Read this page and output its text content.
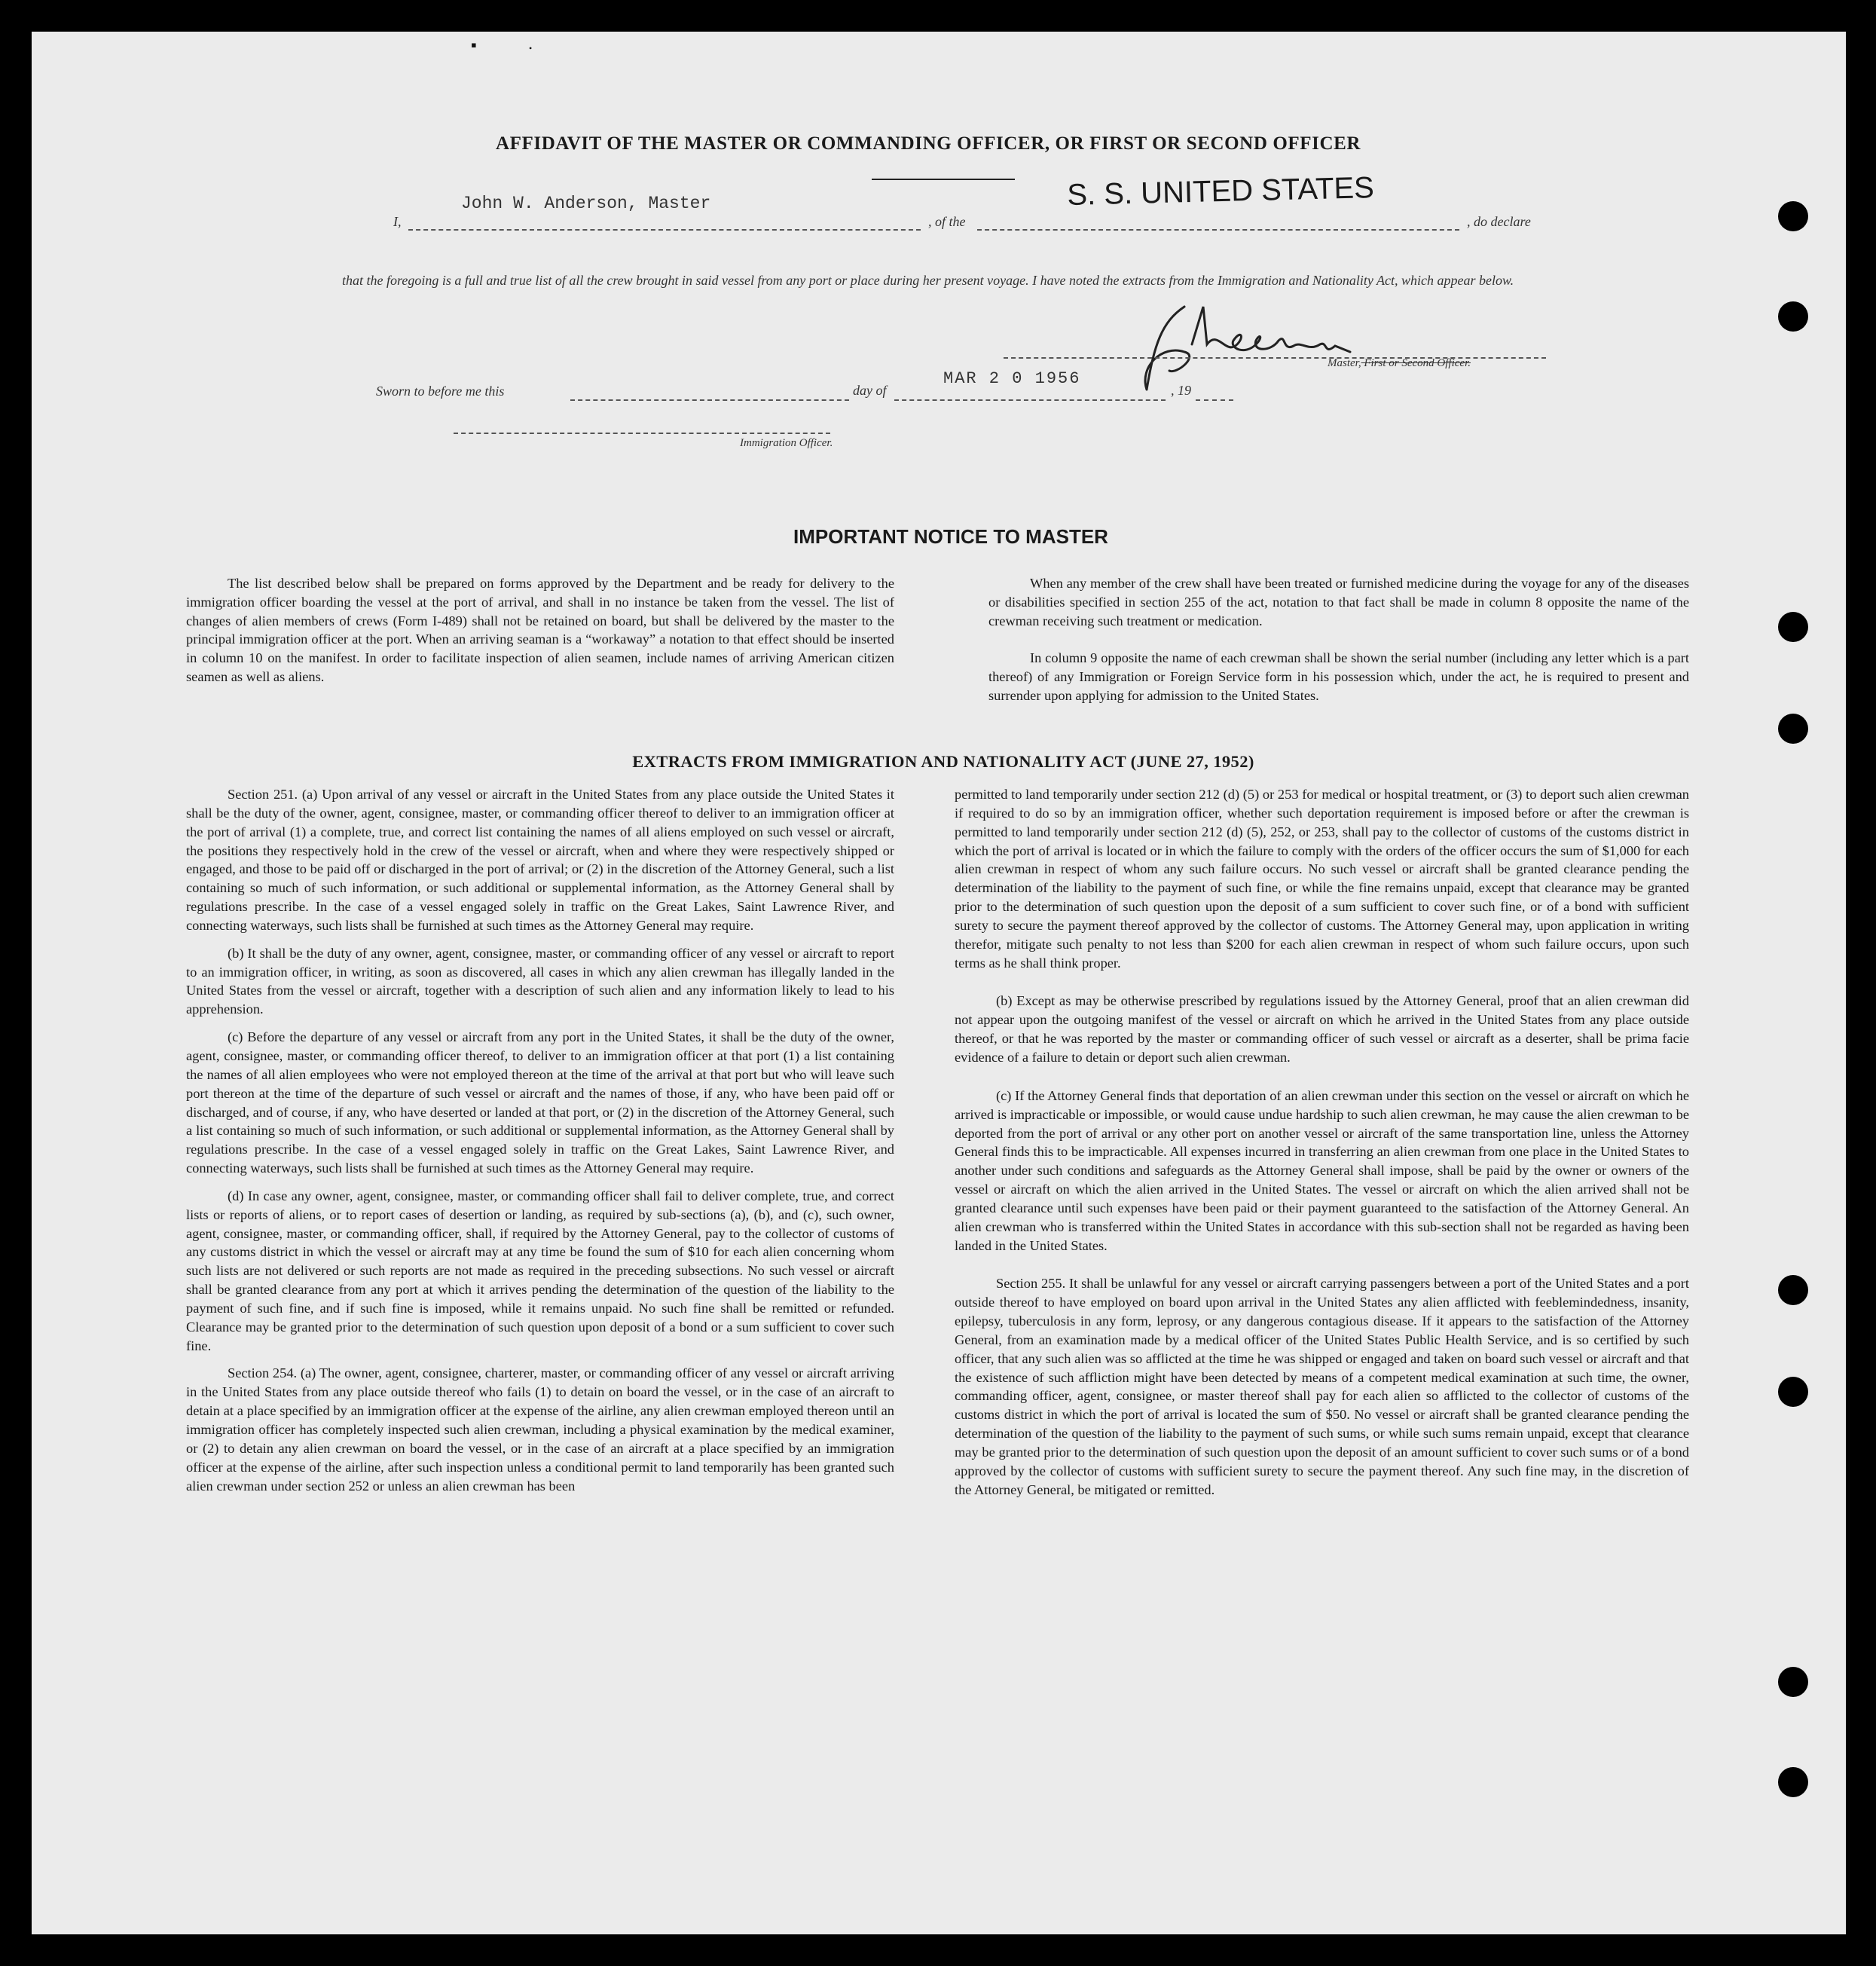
▪	•
AFFIDAVIT OF THE MASTER OR COMMANDING OFFICER, OR FIRST OR SECOND OFFICER
I,
John W. Anderson, Master
, of the
S. S. UNITED STATES
, do declare

that the foregoing is a full and true list of all the crew brought in said vessel from any port or place during her present voyage. I have noted the extracts from the Immigration and Nationality Act, which appear below.
Master, First or Second Officer.
Sworn to before me this	day of
MAR 2 0 1956
, 19
Immigration Officer.
IMPORTANT NOTICE TO MASTER

The list described below shall be prepared on forms approved by the Department and be ready for delivery to the immigration officer boarding the vessel at the port of arrival, and shall in no instance be taken from the vessel. The list of changes of alien members of crews (Form I-489) shall not be retained on board, but shall be delivered by the master to the principal immigration officer at the port. When an arriving seaman is a “workaway” a notation to that effect should be inserted in column 10 on the manifest. In order to facilitate inspection of alien seamen, include names of arriving American citizen seamen as well as aliens.

When any member of the crew shall have been treated or furnished medicine during the voyage for any of the diseases or disabilities specified in section 255 of the act, notation to that fact shall be made in column 8 opposite the name of the crewman receiving such treatment or medication.

In column 9 opposite the name of each crewman shall be shown the serial number (including any letter which is a part thereof) of any Immigration or Foreign Service form in his possession which, under the act, he is required to present and surrender upon applying for admission to the United States.

EXTRACTS FROM IMMIGRATION AND NATIONALITY ACT (JUNE 27, 1952)

Section 251. (a) Upon arrival of any vessel or aircraft in the United States from any place outside the United States it shall be the duty of the owner, agent, consignee, master, or commanding officer thereof to deliver to an immigration officer at the port of arrival (1) a complete, true, and correct list containing the names of all aliens employed on such vessel or aircraft, the positions they respectively hold in the crew of the vessel or aircraft, when and where they were respectively shipped or engaged, and those to be paid off or discharged in the port of arrival; or (2) in the discretion of the Attorney General, such a list containing so much of such information, or such additional or supplemental information, as the Attorney General shall by regulations prescribe. In the case of a vessel engaged solely in traffic on the Great Lakes, Saint Lawrence River, and connecting waterways, such lists shall be furnished at such times as the Attorney General may require.

(b) It shall be the duty of any owner, agent, consignee, master, or commanding officer of any vessel or aircraft to report to an immigration officer, in writing, as soon as discovered, all cases in which any alien crewman has illegally landed in the United States from the vessel or aircraft, together with a description of such alien and any information likely to lead to his apprehension.

(c) Before the departure of any vessel or aircraft from any port in the United States, it shall be the duty of the owner, agent, consignee, master, or commanding officer thereof, to deliver to an immigration officer at that port (1) a list containing the names of all alien employees who were not employed thereon at the time of the arrival at that port but who will leave such port thereon at the time of the departure of such vessel or aircraft and the names of those, if any, who have been paid off or discharged, and of course, if any, who have deserted or landed at that port, or (2) in the discretion of the Attorney General, such a list containing so much of such information, or such additional or supplemental information, as the Attorney General shall by regulations prescribe. In the case of a vessel engaged solely in traffic on the Great Lakes, Saint Lawrence River, and connecting waterways, such lists shall be furnished at such times as the Attorney General may require.

(d) In case any owner, agent, consignee, master, or commanding officer shall fail to deliver complete, true, and correct lists or reports of aliens, or to report cases of desertion or landing, as required by sub-sections (a), (b), and (c), such owner, agent, consignee, master, or commanding officer, shall, if required by the Attorney General, pay to the collector of customs of any customs district in which the vessel or aircraft may at any time be found the sum of $10 for each alien concerning whom such lists are not delivered or such reports are not made as required in the preceding subsections. No such vessel or aircraft shall be granted clearance from any port at which it arrives pending the determination of the question of the liability to the payment of such fine, and if such fine is imposed, while it remains unpaid. No such fine shall be remitted or refunded. Clearance may be granted prior to the determination of such question upon deposit of a bond or a sum sufficient to cover such fine.

Section 254. (a) The owner, agent, consignee, charterer, master, or commanding officer of any vessel or aircraft arriving in the United States from any place outside thereof who fails (1) to detain on board the vessel, or in the case of an aircraft to detain at a place specified by an immigration officer at the expense of the airline, any alien crewman employed thereon until an immigration officer has completely inspected such alien crewman, including a physical examination by the medical examiner, or (2) to detain any alien crewman on board the vessel, or in the case of an aircraft at a place specified by an immigration officer at the expense of the airline, after such inspection unless a conditional permit to land temporarily has been granted such alien crewman under section 252 or unless an alien crewman has been

permitted to land temporarily under section 212 (d) (5) or 253 for medical or hospital treatment, or (3) to deport such alien crewman if required to do so by an immigration officer, whether such deportation requirement is imposed before or after the crewman is permitted to land temporarily under section 212 (d) (5), 252, or 253, shall pay to the collector of customs of the customs district in which the port of arrival is located or in which the failure to comply with the orders of the officer occurs the sum of $1,000 for each alien crewman in respect of whom any such failure occurs. No such vessel or aircraft shall be granted clearance pending the determination of the liability to the payment of such fine, or while the fine remains unpaid, except that clearance may be granted prior to the determination of such question upon the deposit of a sum sufficient to cover such fine, or of a bond with sufficient surety to secure the payment thereof approved by the collector of customs. The Attorney General may, upon application in writing therefor, mitigate such penalty to not less than $200 for each alien crewman in respect of whom such failure occurs, upon such terms as he shall think proper.

(b) Except as may be otherwise prescribed by regulations issued by the Attorney General, proof that an alien crewman did not appear upon the outgoing manifest of the vessel or aircraft on which he arrived in the United States from any place outside thereof, or that he was reported by the master or commanding officer of such vessel or aircraft as a deserter, shall be prima facie evidence of a failure to detain or deport such alien crewman.

(c) If the Attorney General finds that deportation of an alien crewman under this section on the vessel or aircraft on which he arrived is impracticable or impossible, or would cause undue hardship to such alien crewman, he may cause the alien crewman to be deported from the port of arrival or any other port on another vessel or aircraft of the same transportation line, unless the Attorney General finds this to be impracticable. All expenses incurred in transferring an alien crewman from one place in the United States to another under such conditions and safeguards as the Attorney General shall impose, shall be paid by the owner or owners of the vessel or aircraft on which the alien arrived in the United States. The vessel or aircraft on which the alien arrived shall not be granted clearance until such expenses have been paid or their payment guaranteed to the satisfaction of the Attorney General. An alien crewman who is transferred within the United States in accordance with this sub-section shall not be regarded as having been landed in the United States.

Section 255. It shall be unlawful for any vessel or aircraft carrying passengers between a port of the United States and a port outside thereof to have employed on board upon arrival in the United States any alien afflicted with feeblemindedness, insanity, epilepsy, tuberculosis in any form, leprosy, or any dangerous contagious disease. If it appears to the satisfaction of the Attorney General, from an examination made by a medical officer of the United States Public Health Service, and is so certified by such officer, that any such alien was so afflicted at the time he was shipped or engaged and taken on board such vessel or aircraft and that the existence of such affliction might have been detected by means of a competent medical examination at such time, the owner, commanding officer, agent, consignee, or master thereof shall pay for each alien so afflicted to the collector of customs of the customs district in which the port of arrival is located the sum of $50. No vessel or aircraft shall be granted clearance pending the determination of the question of the liability to the payment of such sums, or while such sums remain unpaid, except that clearance may be granted prior to the determination of such question upon the deposit of an amount sufficient to cover such sums or of a bond approved by the collector of customs with sufficient surety to secure the payment thereof. Any such fine may, in the discretion of the Attorney General, be mitigated or remitted.
